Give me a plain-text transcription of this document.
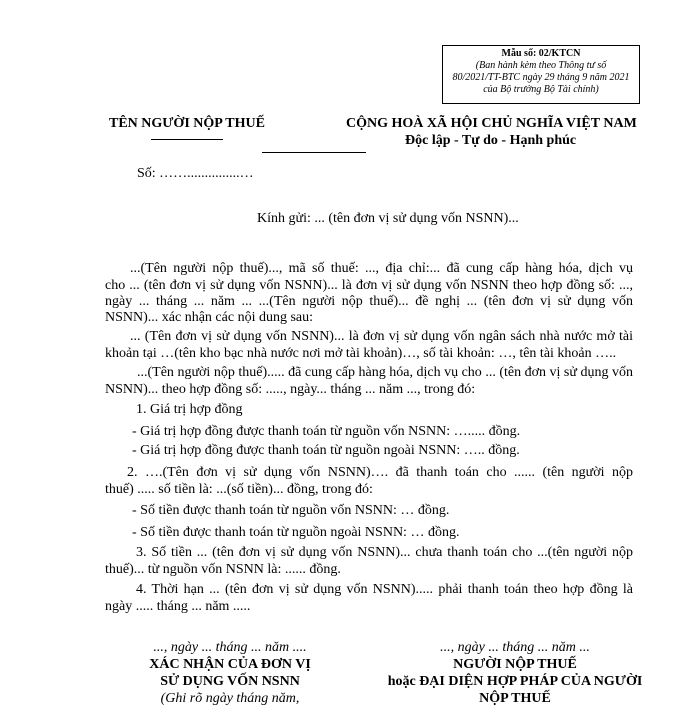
Mẫu số: 02/KTCN
(Ban hành kèm theo Thông tư số
80/2021/TT-BTC ngày 29 tháng 9 năm 2021
của Bộ trưởng Bộ Tài chính)
TÊN NGƯỜI NỘP THUẾ	CỘNG HOÀ XÃ HỘI CHỦ NGHĨA VIỆT NAM
Độc lập - Tự do - Hạnh phúc
Số: ……...............…
Kính gửi: ... (tên đơn vị sử dụng vốn NSNN)...
...(Tên người nộp thuế)..., mã số thuế: ..., địa chỉ:... đã cung cấp hàng hóa, dịch vụ
cho ... (tên đơn vị sử dụng vốn NSNN)... là đơn vị sử dụng vốn NSNN theo hợp đồng số: ...,
ngày ... tháng ... năm ... ...(Tên người nộp thuế)... đề nghị ... (tên đơn vị sử dụng vốn
NSNN)... xác nhận các nội dung sau:
... (Tên đơn vị sử dụng vốn NSNN)... là đơn vị sử dụng vốn ngân sách nhà nước mở tài
khoản tại …(tên kho bạc nhà nước nơi mở tài khoản)…, số tài khoản: …, tên tài khoản …..
...(Tên người nộp thuế)..... đã cung cấp hàng hóa, dịch vụ cho ... (tên đơn vị sử dụng vốn
NSNN)... theo hợp đồng số: ....., ngày... tháng ... năm ..., trong đó:
1. Giá trị hợp đồng
- Giá trị hợp đồng được thanh toán từ nguồn vốn NSNN: …..... đồng.
- Giá trị hợp đồng được thanh toán từ nguồn ngoài NSNN: ….. đồng.
2. ….(Tên đơn vị sử dụng vốn NSNN)…. đã thanh toán cho ...... (tên người nộp
thuế) ..... số tiền là: ...(số tiền)... đồng, trong đó:
- Số tiền được thanh toán từ nguồn vốn NSNN: … đồng.
- Số tiền được thanh toán từ nguồn ngoài NSNN: … đồng.
3. Số tiền ... (tên đơn vị sử dụng vốn NSNN)... chưa thanh toán cho ...(tên người nộp
thuế)... từ nguồn vốn NSNN là: ...... đồng.
4. Thời hạn ... (tên đơn vị sử dụng vốn NSNN)..... phải thanh toán theo hợp đồng là
ngày ..... tháng ... năm .....
..., ngày ... tháng ... năm ....
XÁC NHẬN CỦA ĐƠN VỊ
SỬ DỤNG VỐN NSNN
(Ghi rõ ngày tháng năm,
..., ngày ... tháng ... năm ...
NGƯỜI NỘP THUẾ
hoặc ĐẠI DIỆN HỢP PHÁP CỦA NGƯỜI
NỘP THUẾ
